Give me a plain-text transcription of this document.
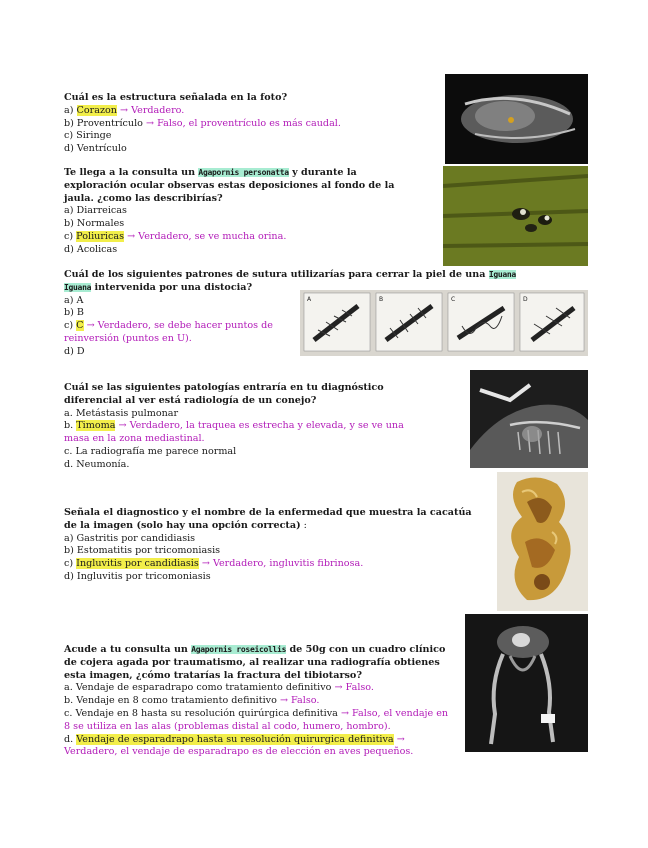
Cuál es la estructura señalada en la foto?

a) Corazon → Verdadero.

b) Proventrículo → Falso, el proventrículo es más caudal.

c) Siringe

d) Ventrículo

Te llega a la consulta un Agapornis personatta y durante la exploración ocular observas estas deposiciones al fondo de la jaula. ¿como las describirías?

a) Diarreicas

b) Normales

c) Poliuricas → Verdadero, se ve mucha orina.

d) Acolicas

Cuál de los siguientes patrones de sutura utilizarías para cerrar la piel de una Iguana Iguana intervenida por una distocia?

a) A

b) B

c) C → Verdadero, se debe hacer puntos de reinversión (puntos en U).

d) D

A	B	C	D

Cuál se las siguientes patologías entraría en tu diagnóstico diferencial al ver está radiología de un conejo?

a. Metástasis pulmonar

b. Timoma → Verdadero, la traquea es estrecha y elevada, y se ve una masa en la zona mediastinal.

c. La radiografía me parece normal

d. Neumonía.

Señala el diagnostico y el nombre de la enfermedad que muestra la cacatúa de la imagen (solo hay una opción correcta) :

a) Gastritis por candidiasis

b) Estomatitis por tricomoniasis

c) Ingluvitis por candidiasis → Verdadero, ingluvitis fibrinosa.

d) Ingluvitis por tricomoniasis

Acude a tu consulta un Agapornis roseicollis de 50g con un cuadro clínico de cojera agada por traumatismo, al realizar una radiografía obtienes esta imagen, ¿cómo tratarías la fractura del tibiotarso?

a. Vendaje de esparadrapo como tratamiento definitivo → Falso.

b. Vendaje en 8 como tratamiento definitivo → Falso.

c. Vendaje en 8 hasta su resolución quirúrgica definitiva → Falso, el vendaje en 8 se utiliza en las alas (problemas distal al codo, humero, hombro).

d. Vendaje de esparadrapo hasta su resolución quirurgica definitiva → Verdadero, el vendaje de esparadrapo es de elección en aves pequeños.
